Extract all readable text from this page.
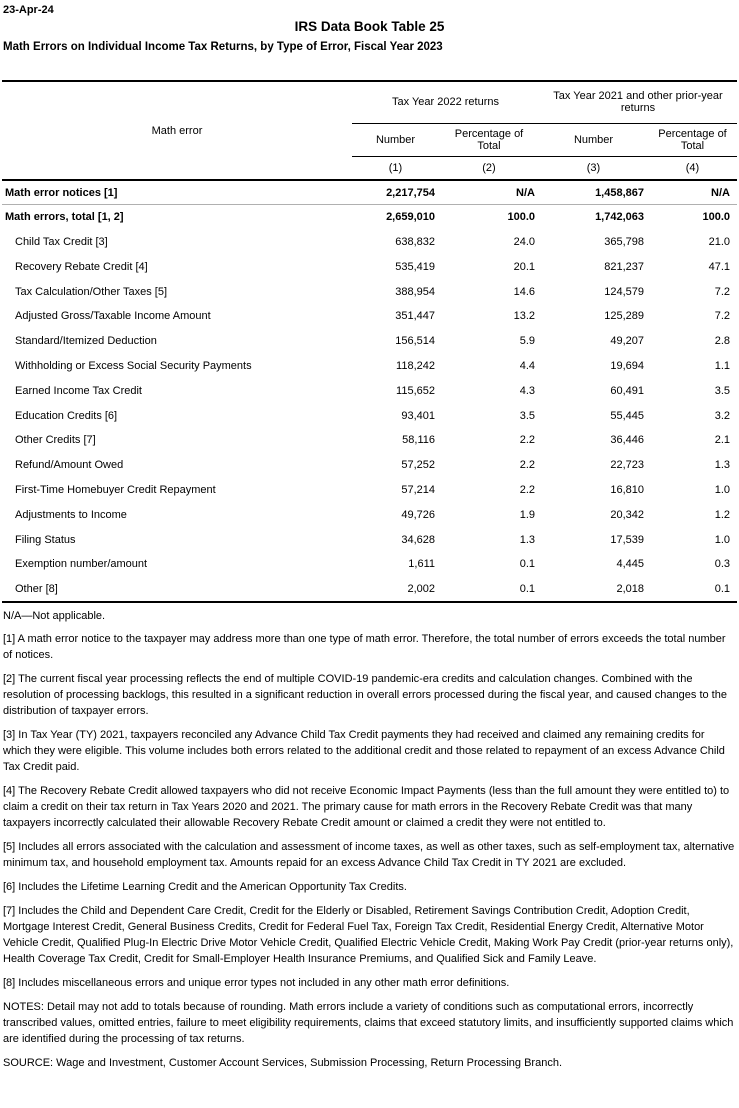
23-Apr-24
IRS Data Book Table 25
Math Errors on Individual Income Tax Returns, by Type of Error, Fiscal Year 2023
Math error	Tax Year 2022 returns		Tax Year 2021 and other prior-year returns	
	Number	Percentage of Total	Number	Percentage of Total
	(1)	(2)	(3)	(4)
Math error notices [1]	2,217,754	N/A	1,458,867	N/A
Math errors, total [1, 2]	2,659,010	100.0	1,742,063	100.0
Child Tax Credit [3]	638,832	24.0	365,798	21.0
Recovery Rebate Credit [4]	535,419	20.1	821,237	47.1
Tax Calculation/Other Taxes [5]	388,954	14.6	124,579	7.2
Adjusted Gross/Taxable Income Amount	351,447	13.2	125,289	7.2
Standard/Itemized Deduction	156,514	5.9	49,207	2.8
Withholding or Excess Social Security Payments	118,242	4.4	19,694	1.1
Earned Income Tax Credit	115,652	4.3	60,491	3.5
Education Credits [6]	93,401	3.5	55,445	3.2
Other Credits [7]	58,116	2.2	36,446	2.1
Refund/Amount Owed	57,252	2.2	22,723	1.3
First-Time Homebuyer Credit Repayment	57,214	2.2	16,810	1.0
Adjustments to Income	49,726	1.9	20,342	1.2
Filing Status	34,628	1.3	17,539	1.0
Exemption number/amount	1,611	0.1	4,445	0.3
Other [8]	2,002	0.1	2,018	0.1

N/A—Not applicable.

[1] A math error notice to the taxpayer may address more than one type of math error. Therefore, the total number of errors exceeds the total number of notices.

[2] The current fiscal year processing reflects the end of multiple COVID-19 pandemic-era credits and calculation changes. Combined with the resolution of processing backlogs, this resulted in a significant reduction in overall errors processed during the fiscal year, and caused changes to the distribution of taxpayer errors.

[3] In Tax Year (TY) 2021, taxpayers reconciled any Advance Child Tax Credit payments they had received and claimed any remaining credits for which they were eligible. This volume includes both errors related to the additional credit and those related to repayment of an excess Advance Child Tax Credit paid.

[4] The Recovery Rebate Credit allowed taxpayers who did not receive Economic Impact Payments (less than the full amount they were entitled to) to claim a credit on their tax return in Tax Years 2020 and 2021. The primary cause for math errors in the Recovery Rebate Credit was that many taxpayers incorrectly calculated their allowable Recovery Rebate Credit amount or claimed a credit they were not entitled to.

[5] Includes all errors associated with the calculation and assessment of income taxes, as well as other taxes, such as self-employment tax, alternative minimum tax, and household employment tax. Amounts repaid for an excess Advance Child Tax Credit in TY 2021 are excluded.

[6] Includes the Lifetime Learning Credit and the American Opportunity Tax Credits.

[7] Includes the Child and Dependent Care Credit, Credit for the Elderly or Disabled, Retirement Savings Contribution Credit, Adoption Credit, Mortgage Interest Credit, General Business Credits, Credit for Federal Fuel Tax, Foreign Tax Credit, Residential Energy Credit, Alternative Motor Vehicle Credit, Qualified Plug-In Electric Drive Motor Vehicle Credit, Qualified Electric Vehicle Credit, Making Work Pay Credit (prior-year returns only), Health Coverage Tax Credit, Credit for Small-Employer Health Insurance Premiums, and Qualified Sick and Family Leave.

[8] Includes miscellaneous errors and unique error types not included in any other math error definitions.

NOTES: Detail may not add to totals because of rounding. Math errors include a variety of conditions such as computational errors, incorrectly transcribed values, omitted entries, failure to meet eligibility requirements, claims that exceed statutory limits, and insufficiently supported claims which are identified during the processing of tax returns.

SOURCE: Wage and Investment, Customer Account Services, Submission Processing, Return Processing Branch.
